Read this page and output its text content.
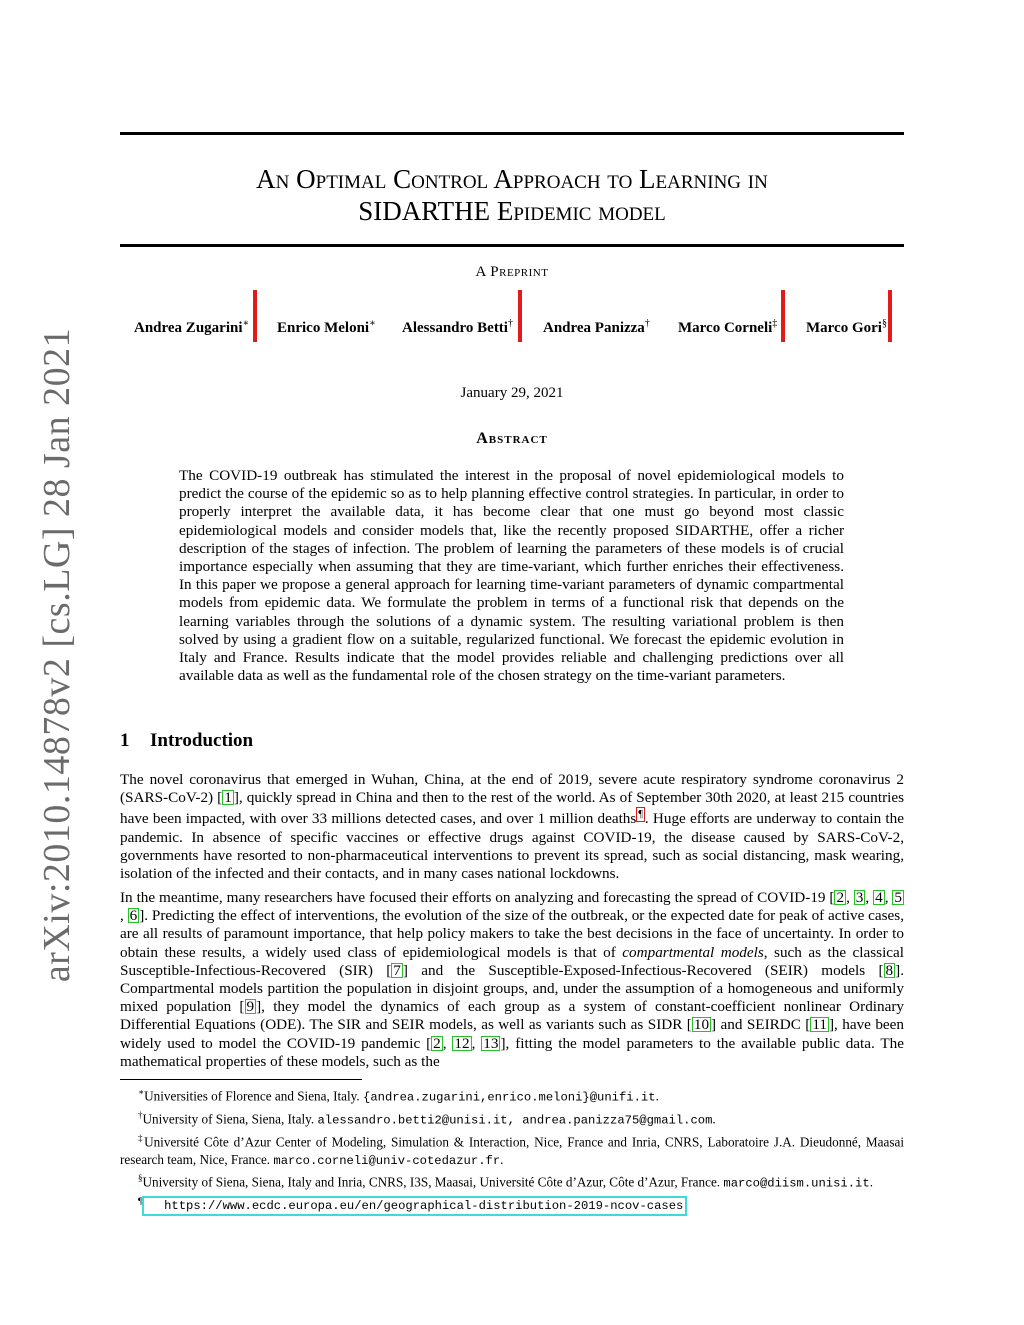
arXiv:2010.14878v2 [cs.LG] 28 Jan 2021
An Optimal Control Approach to Learning in
SIDARTHE Epidemic model
A Preprint
Andrea Zugarini∗ Enrico Meloni∗ Alessandro Betti† Andrea Panizza† Marco Corneli‡ Marco Gori§
January 29, 2021
Abstract

The COVID-19 outbreak has stimulated the interest in the proposal of novel epidemiological models to predict the course of the epidemic so as to help planning effective control strategies. In particular, in order to properly interpret the available data, it has become clear that one must go beyond most classic epidemiological models and consider models that, like the recently proposed SIDARTHE, offer a richer description of the stages of infection. The problem of learning the parameters of these models is of crucial importance especially when assuming that they are time-variant, which further enriches their effectiveness. In this paper we propose a general approach for learning time-variant parameters of dynamic compartmental models from epidemic data. We formulate the problem in terms of a functional risk that depends on the learning variables through the solutions of a dynamic system. The resulting variational problem is then solved by using a gradient flow on a suitable, regularized functional. We forecast the epidemic evolution in Italy and France. Results indicate that the model provides reliable and challenging predictions over all available data as well as the fundamental role of the chosen strategy on the time-variant parameters.

1 Introduction

The novel coronavirus that emerged in Wuhan, China, at the end of 2019, severe acute respiratory syndrome coronavirus 2 (SARS-CoV-2) [ 1 ], quickly spread in China and then to the rest of the world. As of September 30th 2020, at least 215 countries have been impacted, with over 33 millions detected cases, and over 1 million deaths ¶ . Huge efforts are underway to contain the pandemic. In absence of specific vaccines or effective drugs against COVID-19, the disease caused by SARS-CoV-2, governments have resorted to non-pharmaceutical interventions to prevent its spread, such as social distancing, mask wearing, isolation of the infected and their contacts, and in many cases national lockdowns.

In the meantime, many researchers have focused their efforts on analyzing and forecasting the spread of COVID-19 [ 2 , 3 , 4 , 5, 6 ]. Predicting the effect of interventions, the evolution of the size of the outbreak, or the expected date for peak of active cases, are all results of paramount importance, that help policy makers to take the best decisions in the face of uncertainty. In order to obtain these results, a widely used class of epidemiological models is that of compartmental models, such as the classical Susceptible-Infectious-Recovered (SIR) [ 7 ] and the Susceptible-Exposed-Infectious-Recovered (SEIR) models [ 8 ]. Compartmental models partition the population in disjoint groups, and, under the assumption of a homogeneous and uniformly mixed population [ 9 ], they model the dynamics of each group as a system of constant-coefficient nonlinear Ordinary Differential Equations (ODE). The SIR and SEIR models, as well as variants such as SIDR [ 10 ] and SEIRDC [ 11 ], have been widely used to model the COVID-19 pandemic [ 2 , 12 , 13 ], fitting the model parameters to the available public data. The mathematical properties of these models, such as the

∗Universities of Florence and Siena, Italy. {andrea.zugarini,enrico.meloni}@unifi.it.

†University of Siena, Siena, Italy. alessandro.betti2@unisi.it, andrea.panizza75@gmail.com.

‡Université Côte d’Azur Center of Modeling, Simulation & Interaction, Nice, France and Inria, CNRS, Laboratoire J.A. Dieudonné, Maasai research team, Nice, France. marco.corneli@univ-cotedazur.fr.

§University of Siena, Siena, Italy and Inria, CNRS, I3S, Maasai, Université Côte d’Azur, Côte d’Azur, France. marco@diism.unisi.it.

¶ https://www.ecdc.europa.eu/en/geographical-distribution-2019-ncov-cases
